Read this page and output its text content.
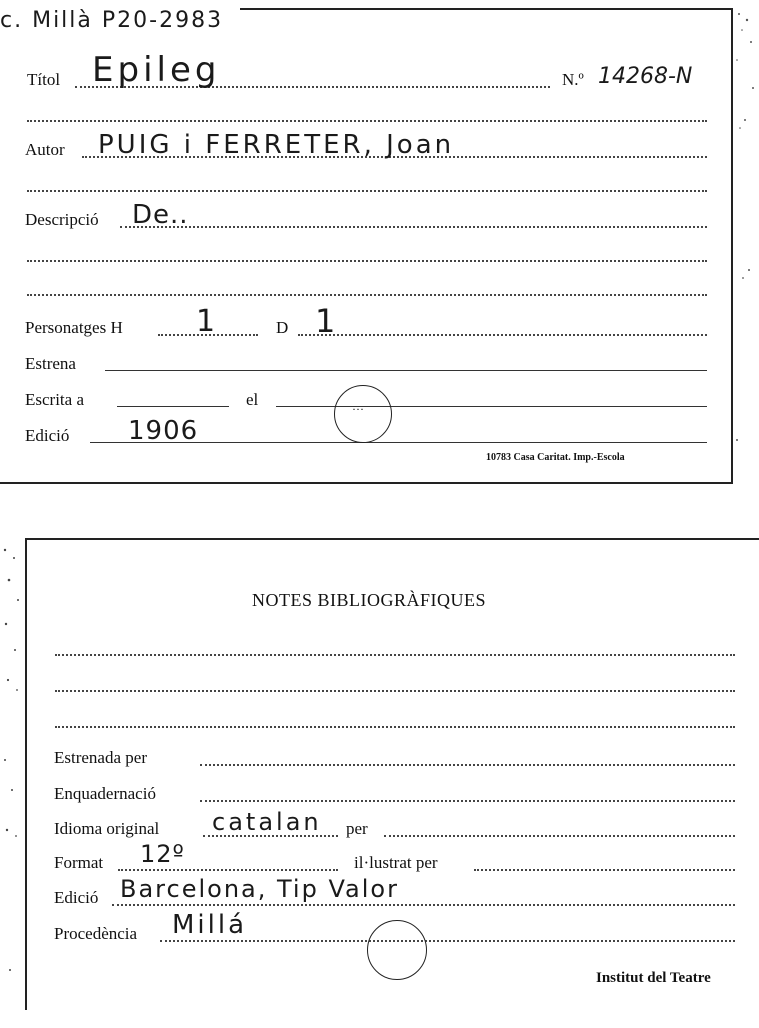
c. Millà P20-2983
Títol Epileg	N.º 14268-N
Autor PUIG i FERRETER, Joan
Descripció De..
Personatges H 1	D 1
Estrena
Escrita a	el
Edició 1906
···
10783 Casa Caritat. Imp.-Escola
NOTES BIBLIOGRÀFIQUES
Estrenada per
Enquadernació
Idioma original catalan per
Format 12º	il·lustrat per
Edició Barcelona, Tip Valor
Procedència Millá
Institut del Teatre
